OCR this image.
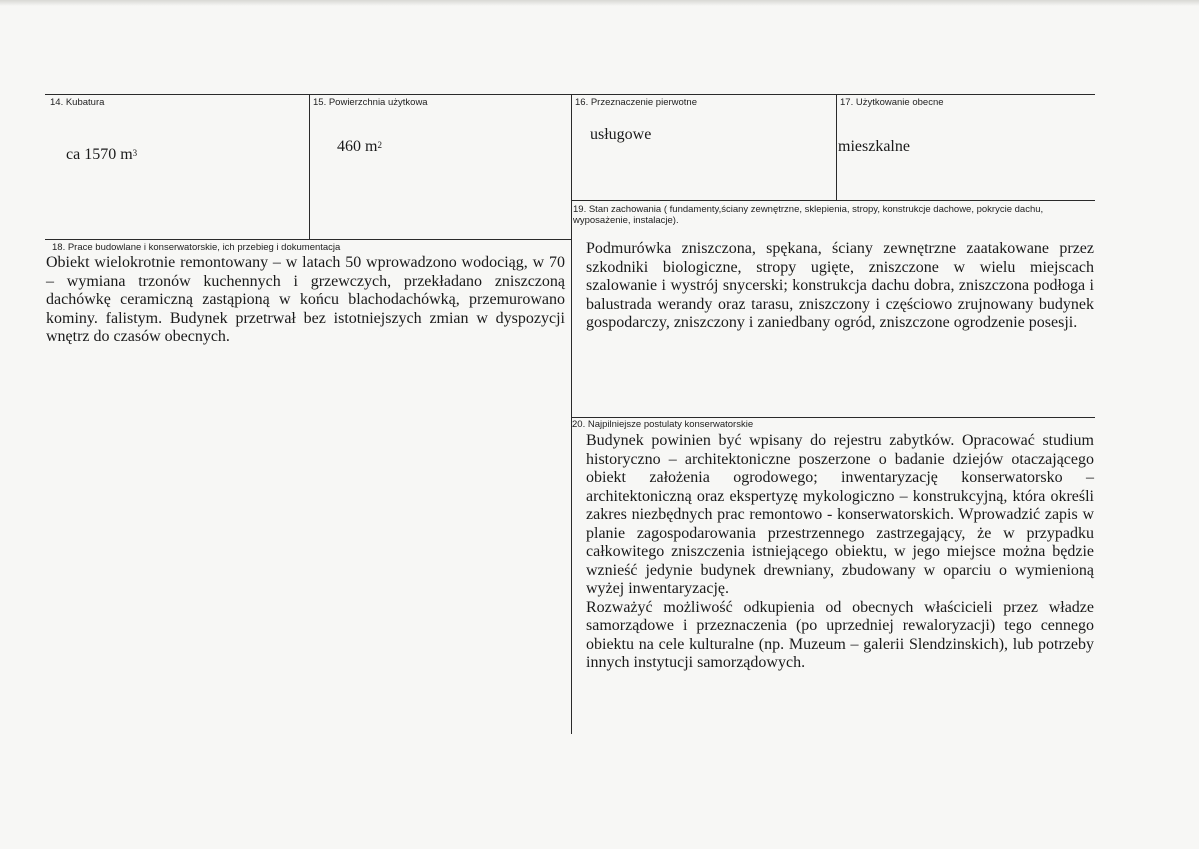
14. Kubatura
ca 1570 $m^3$
15. Powierzchnia użytkowa
460 $m^2$
16. Przeznaczenie pierwotne
usługowe
17. Użytkowanie obecne
mieszkalne
19. Stan zachowania ( fundamenty,ściany zewnętrzne, sklepienia, stropy, konstrukcje dachowe, pokrycie dachu, wyposażenie, instalacje).
Podmurówka zniszczona, spękana, ściany zewnętrzne zaatakowane przez szkodniki biologiczne, stropy ugięte, zniszczone w wielu miejscach szalowanie i wystrój snycerski; konstrukcja dachu dobra, zniszczona podłoga i balustrada werandy oraz tarasu, zniszczony i częściowo zrujnowany budynek gospodarczy, zniszczony i zaniedbany ogród, zniszczone ogrodzenie posesji.
18. Prace budowlane i konserwatorskie, ich przebieg i dokumentacja
Obiekt wielokrotnie remontowany – w latach 50 wprowadzono wodociąg, w 70 – wymiana trzonów kuchennych i grzewczych, przekładano zniszczoną dachówkę ceramiczną zastąpioną w końcu blachodachówką, przemurowano kominy. falistym. Budynek przetrwał bez istotniejszych zmian w dyspozycji wnętrz do czasów obecnych.
20. Najpilniejsze postulaty konserwatorskie

Budynek powinien być wpisany do rejestru zabytków. Opracować studium historyczno – architektoniczne poszerzone o badanie dziejów otaczającego obiekt założenia ogrodowego; inwentaryzację konserwatorsko – architektoniczną oraz ekspertyzę mykologiczno – konstrukcyjną, która określi zakres niezbędnych prac remontowo - konserwatorskich. Wprowadzić zapis w planie zagospodarowania przestrzennego zastrzegający, że w przypadku całkowitego zniszczenia istniejącego obiektu, w jego miejsce można będzie wznieść jedynie budynek drewniany, zbudowany w oparciu o wymienioną wyżej inwentaryzację.

Rozważyć możliwość odkupienia od obecnych właścicieli przez władze samorządowe i przeznaczenia (po uprzedniej rewaloryzacji) tego cennego obiektu na cele kulturalne (np. Muzeum – galerii Slendzinskich), lub potrzeby innych instytucji samorządowych.
